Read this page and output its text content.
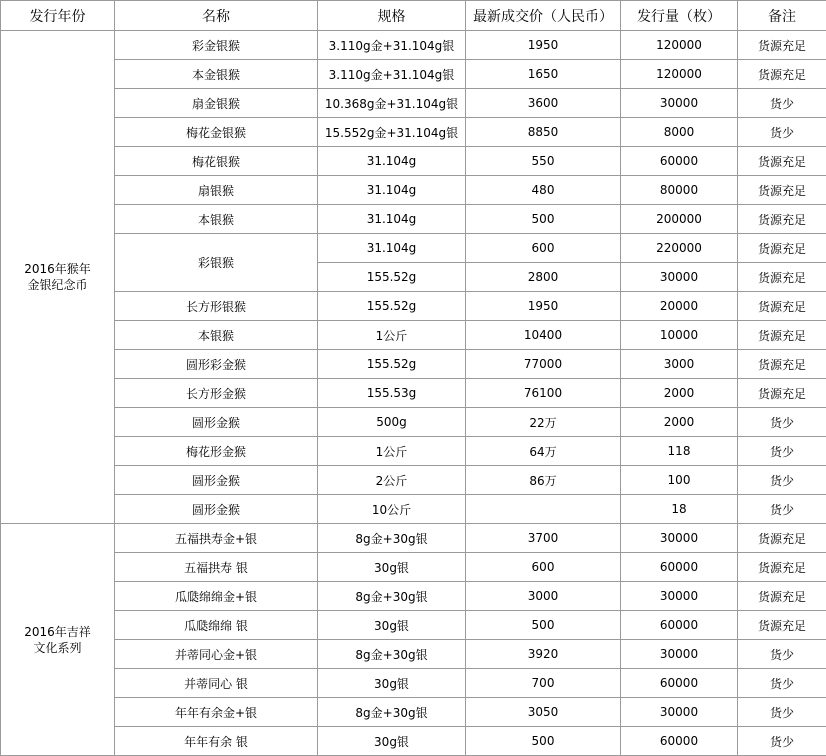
发行年份	名称	规格	最新成交价（人民币）	发行量（枚）	备注

2016年猴年
金银纪念币	彩金银猴	3.110g金+31.104g银	1950	120000	货源充足
	本金银猴	3.110g金+31.104g银	1650	120000	货源充足
	扇金银猴	10.368g金+31.104g银	3600	30000	货少
	梅花金银猴	15.552g金+31.104g银	8850	8000	货少
	梅花银猴	31.104g	550	60000	货源充足
	扇银猴	31.104g	480	80000	货源充足
	本银猴	31.104g	500	200000	货源充足
	彩银猴	31.104g	600	220000	货源充足
		155.52g	2800	30000	货源充足
	长方形银猴	155.52g	1950	20000	货源充足
	本银猴	1公斤	10400	10000	货源充足
	圆形彩金猴	155.52g	77000	3000	货源充足
	长方形金猴	155.53g	76100	2000	货源充足
	圆形金猴	500g	22万	2000	货少
	梅花形金猴	1公斤	64万	118	货少
	圆形金猴	2公斤	86万	100	货少
	圆形金猴	10公斤		18	货少

2016年吉祥
文化系列	五福拱寿金+银	8g金+30g银	3700	30000	货源充足
	五福拱寿 银	30g银	600	60000	货源充足
	瓜瓞绵绵金+银	8g金+30g银	3000	30000	货源充足
	瓜瓞绵绵 银	30g银	500	60000	货源充足
	并蒂同心金+银	8g金+30g银	3920	30000	货少
	并蒂同心 银	30g银	700	60000	货少
	年年有余金+银	8g金+30g银	3050	30000	货少
	年年有余 银	30g银	500	60000	货少
